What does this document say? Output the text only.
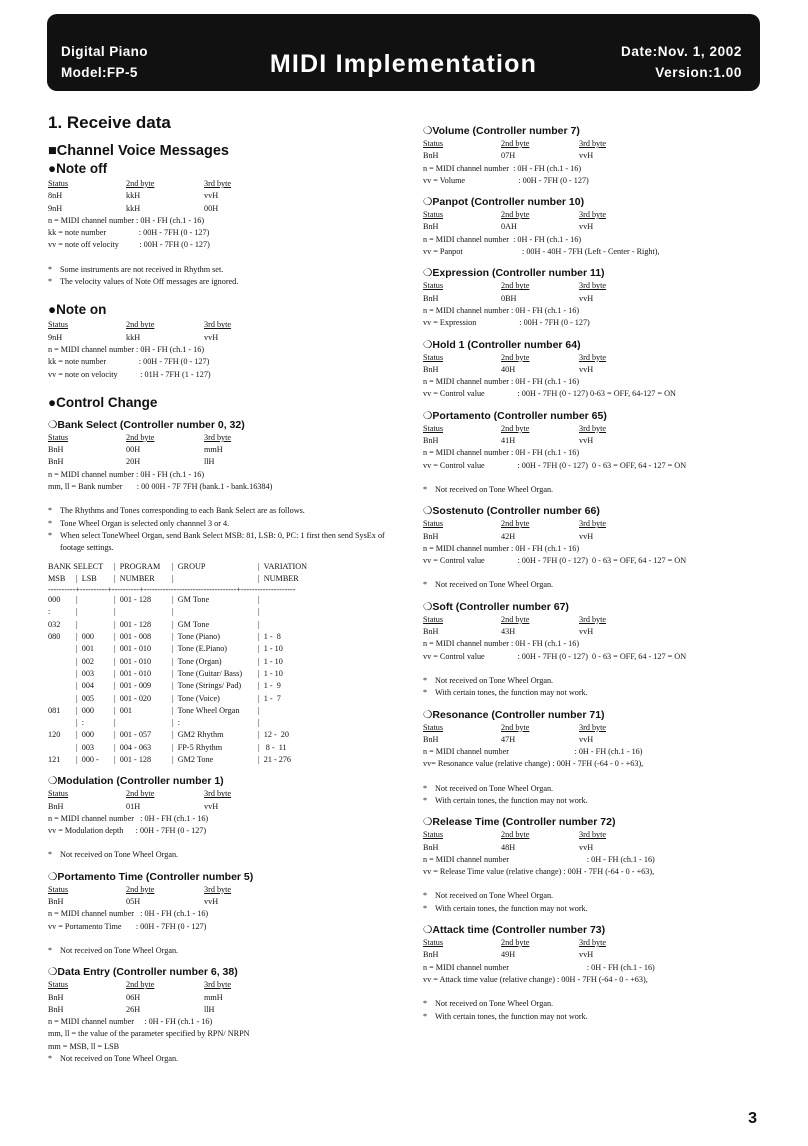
Digital Piano
Model:FP-5	MIDI Implementation	Date:Nov. 1, 2002
Version:1.00
1. Receive data
■Channel Voice Messages
●Note off
Status	2nd byte	3rd byte
8nH	kkH	vvH
9nH	kkH	00H
n = MIDI channel number : 0H - FH (ch.1 - 16)
kk = note number                : 00H - 7FH (0 - 127)
vv = note off velocity          : 00H - 7FH (0 - 127)
* Some instruments are not received in Rhythm set.
* The velocity values of Note Off messages are ignored.
●Note on
Status	2nd byte	3rd byte
9nH	kkH	vvH
n = MIDI channel number : 0H - FH (ch.1 - 16)
kk = note number                : 00H - 7FH (0 - 127)
vv = note on velocity           : 01H - 7FH (1 - 127)
●Control Change
❍Bank Select (Controller number 0, 32)
Status	2nd byte	3rd byte
BnH	00H	mmH
BnH	20H	llH
n = MIDI channel number : 0H - FH (ch.1 - 16)
mm, ll = Bank number       : 00 00H - 7F 7FH (bank.1 - bank.16384)
* The Rhythms and Tones corresponding to each Bank Select are as follows.
* Tone Wheel Organ is selected only channnel 3 or 4.
* When select ToneWheel Organ, send Bank Select MSB: 81, LSB: 0, PC: 1 first then send SysEx of footage settings.
BANK SELECT |  PROGRAM |  GROUP	|  VARIATION
MSB |  LSB |  NUMBER |	|  NUMBER
----------+----------+----------+----------------------------------+--------------------
000 |	|  001 - 128	|  GM Tone	|
:	|	|	|	|
032 |	|  001 - 128	|  GM Tone	|
080 |  000 |  001 - 008	|  Tone (Piano)	|  1 -  8
|  001 |  001 - 010	|  Tone (E.Piano)	|  1 - 10
|  002 |  001 - 010	|  Tone (Organ)	|  1 - 10
|  003 |  001 - 010	|  Tone (Guitar/ Bass) |  1 - 10
|  004 |  001 - 009	|  Tone (Strings/ Pad) |  1 -  9
|  005 |  001 - 020	|  Tone (Voice)	|  1 -  7
081 |  000 |  001	|  Tone Wheel Organ |
|  :	|	|  :	|
120 |  000 |  001 - 057	|  GM2 Rhythm	|  12 -  20
|  003 |  004 - 063	|  FP-5 Rhythm	|   8 -  11
121 |  000 - |  001 - 128	|  GM2 Tone	|  21 - 276
❍Modulation (Controller number 1)
Status	2nd byte	3rd byte
BnH	01H	vvH
n = MIDI channel number   : 0H - FH (ch.1 - 16)
vv = Modulation depth      : 00H - 7FH (0 - 127)
* Not received on Tone Wheel Organ.
❍Portamento Time (Controller number 5)
Status	2nd byte	3rd byte
BnH	05H	vvH
n = MIDI channel number   : 0H - FH (ch.1 - 16)
vv = Portamento Time       : 00H - 7FH (0 - 127)
* Not received on Tone Wheel Organ.
❍Data Entry (Controller number 6, 38)
Status	2nd byte	3rd byte
BnH	06H	mmH
BnH	26H	llH
n = MIDI channel number     : 0H - FH (ch.1 - 16)
mm, ll = the value of the parameter specified by RPN/ NRPN
mm = MSB, ll = LSB
* Not received on Tone Wheel Organ.
❍Volume (Controller number 7)
Status	2nd byte	3rd byte
BnH	07H	vvH
n = MIDI channel number  : 0H - FH (ch.1 - 16)
vv = Volume                          : 00H - 7FH (0 - 127)
❍Panpot (Controller number 10)
Status	2nd byte	3rd byte
BnH	0AH	vvH
n = MIDI channel number  : 0H - FH (ch.1 - 16)
vv = Panpot                             : 00H - 40H - 7FH (Left - Center - Right),
❍Expression (Controller number 11)
Status	2nd byte	3rd byte
BnH	0BH	vvH
n = MIDI channel number : 0H - FH (ch.1 - 16)
vv = Expression                     : 00H - 7FH (0 - 127)
❍Hold 1 (Controller number 64)
Status	2nd byte	3rd byte
BnH	40H	vvH
n = MIDI channel number : 0H - FH (ch.1 - 16)
vv = Control value                : 00H - 7FH (0 - 127) 0-63 = OFF, 64-127 = ON
❍Portamento (Controller number 65)
Status	2nd byte	3rd byte
BnH	41H	vvH
n = MIDI channel number : 0H - FH (ch.1 - 16)
vv = Control value                : 00H - 7FH (0 - 127)  0 - 63 = OFF, 64 - 127 = ON
* Not received on Tone Wheel Organ.
❍Sostenuto (Controller number 66)
Status	2nd byte	3rd byte
BnH	42H	vvH
n = MIDI channel number : 0H - FH (ch.1 - 16)
vv = Control value                : 00H - 7FH (0 - 127)  0 - 63 = OFF, 64 - 127 = ON
* Not received on Tone Wheel Organ.
❍Soft (Controller number 67)
Status	2nd byte	3rd byte
BnH	43H	vvH
n = MIDI channel number : 0H - FH (ch.1 - 16)
vv = Control value                : 00H - 7FH (0 - 127)  0 - 63 = OFF, 64 - 127 = ON
* Not received on Tone Wheel Organ.
* With certain tones, the function may not work.
❍Resonance (Controller number 71)
Status	2nd byte	3rd byte
BnH	47H	vvH
n = MIDI channel number                                : 0H - FH (ch.1 - 16)
vv= Resonance value (relative change) : 00H - 7FH (-64 - 0 - +63),
* Not received on Tone Wheel Organ.
* With certain tones, the function may not work.
❍Release Time (Controller number 72)
Status	2nd byte	3rd byte
BnH	48H	vvH
n = MIDI channel number                                      : 0H - FH (ch.1 - 16)
vv = Release Time value (relative change) : 00H - 7FH (-64 - 0 - +63),
* Not received on Tone Wheel Organ.
* With certain tones, the function may not work.
❍Attack time (Controller number 73)
Status	2nd byte	3rd byte
BnH	49H	vvH
n = MIDI channel number                                      : 0H - FH (ch.1 - 16)
vv = Attack time value (relative change) : 00H - 7FH (-64 - 0 - +63),
* Not received on Tone Wheel Organ.
* With certain tones, the function may not work.
3
